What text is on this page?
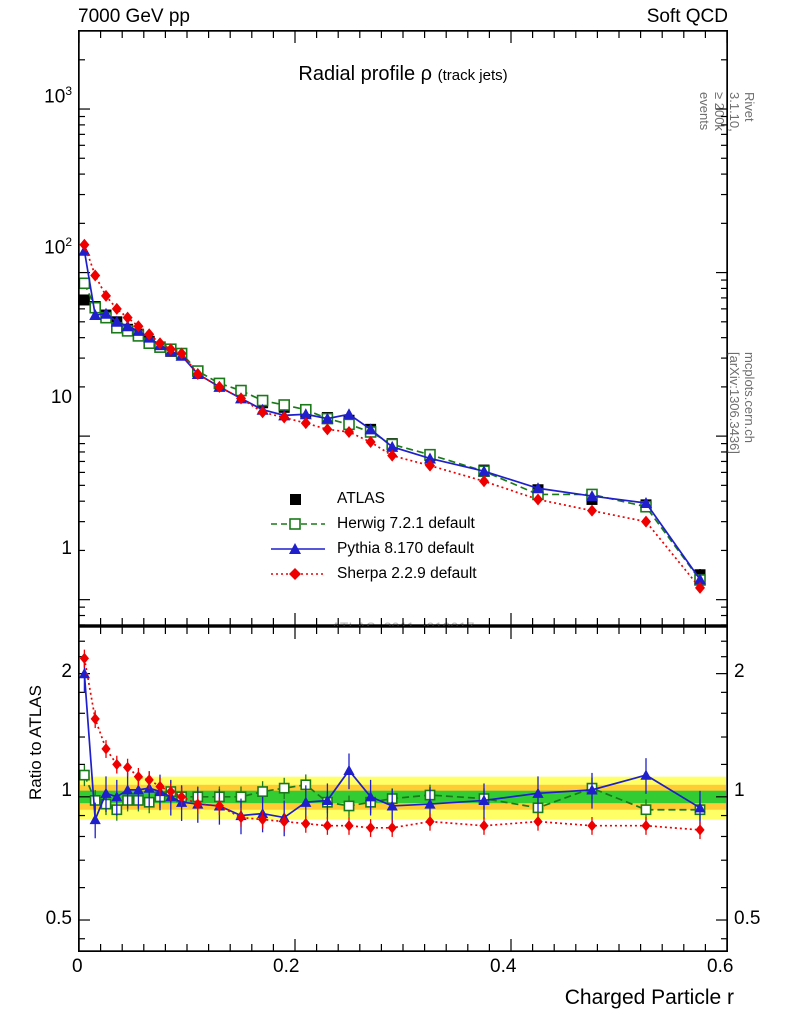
7000 GeV pp	Soft QCD
Radial profile ρ (track jets)
ATLAS
Herwig 7.2.1 default
Pythia 8.170 default
Sherpa 2.2.9 default
Ratio to ATLAS
Charged Particle r
Rivet 3.1.10, ≥ 200k events
mcplots.cern.ch [arXiv:1306.3436]
$10^3$
$10^2$
10
1
2
1
0.5
2
1
0.5
0	0.2	0.4	0.6
